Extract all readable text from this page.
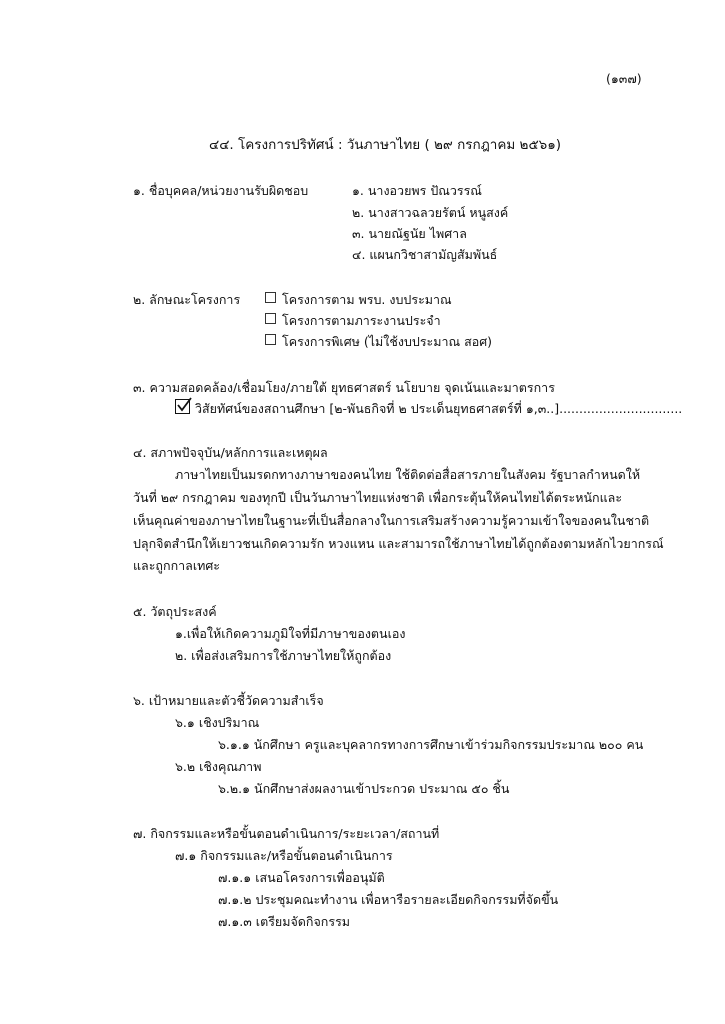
(๑๓๗)
๔๔. โครงการปริทัศน์ : วันภาษาไทย ( ๒๙ กรกฎาคม ๒๕๖๑)
๑. ชื่อบุคคล/หน่วยงานรับผิดชอบ	๑. นางอวยพร ปัณวรรณ์
๒. นางสาวฉลวยรัตน์ หนูสงค์
๓. นายณัฐนัย ไพศาล
๔. แผนกวิชาสามัญสัมพันธ์
๒. ลักษณะโครงการ	โครงการตาม พรบ. งบประมาณ
โครงการตามภาระงานประจำ
โครงการพิเศษ (ไม่ใช้งบประมาณ สอศ)
๓. ความสอดคล้อง/เชื่อมโยง/ภายใต้ ยุทธศาสตร์ นโยบาย จุดเน้นและมาตรการ
วิสัยทัศน์ของสถานศึกษา [๒-พันธกิจที่ ๒ ประเด็นยุทธศาสตร์ที่ ๑,๓..]...............................
๔. สภาพปัจจุบัน/หลักการและเหตุผล
ภาษาไทยเป็นมรดกทางภาษาของคนไทย ใช้ติดต่อสื่อสารภายในสังคม รัฐบาลกำหนดให้
วันที่ ๒๙ กรกฎาคม ของทุกปี เป็นวันภาษาไทยแห่งชาติ เพื่อกระตุ้นให้คนไทยได้ตระหนักและ
เห็นคุณค่าของภาษาไทยในฐานะที่เป็นสื่อกลางในการเสริมสร้างความรู้ความเข้าใจของคนในชาติ
ปลุกจิตสำนึกให้เยาวชนเกิดความรัก หวงแหน และสามารถใช้ภาษาไทยได้ถูกต้องตามหลักไวยากรณ์
และถูกกาลเทศะ
๕. วัตถุประสงค์
๑.เพื่อให้เกิดความภูมิใจที่มีภาษาของตนเอง
๒. เพื่อส่งเสริมการใช้ภาษาไทยให้ถูกต้อง
๖. เป้าหมายและตัวชี้วัดความสำเร็จ
๖.๑ เชิงปริมาณ
๖.๑.๑ นักศึกษา ครูและบุคลากรทางการศึกษาเข้าร่วมกิจกรรมประมาณ ๒๐๐ คน
๖.๒ เชิงคุณภาพ
๖.๒.๑ นักศึกษาส่งผลงานเข้าประกวด ประมาณ ๕๐ ชิ้น
๗. กิจกรรมและหรือขั้นตอนดำเนินการ/ระยะเวลา/สถานที่
๗.๑ กิจกรรมและ/หรือขั้นตอนดำเนินการ
๗.๑.๑ เสนอโครงการเพื่ออนุมัติ
๗.๑.๒ ประชุมคณะทำงาน เพื่อหารือรายละเอียดกิจกรรมที่จัดขึ้น
๗.๑.๓ เตรียมจัดกิจกรรม
